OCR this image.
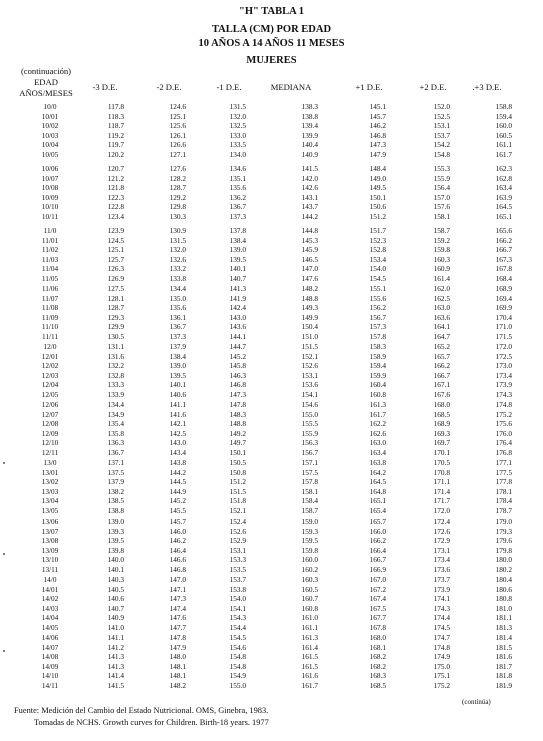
"H" TABLA 1
TALLA (CM) POR EDAD
10 AÑOS A 14 AÑOS 11 MESES
MUJERES
(continuación)
EDAD
AÑOS/MESES
-3 D.E.	-2 D.E.	-1 D.E.	MEDIANA	+1 D.E.	+2 D.E.	.+3 D.E.
10/0	117.8	124.6	131.5	138.3	145.1	152.0	158.8
10/01	118.3	125.1	132.0	138.8	145.7	152.5	159.4
10/02	118.7	125.6	132.5	139.4	146.2	153.1	160.0
10/03	119.2	126.1	133.0	139.9	146.8	153.7	160.5
10/04	119.7	126.6	133.5	140.4	147.3	154.2	161.1
10/05	120.2	127.1	134.0	140.9	147.9	154.8	161.7
10/06	120.7	127.6	134.6	141.5	148.4	155.3	162.3
10/07	121.2	128.2	135.1	142.0	149.0	155.9	162.8
10/08	121.8	128.7	135.6	142.6	149.5	156.4	163.4
10/09	122.3	129.2	136.2	143.1	150.1	157.0	163.9
10/10	122.8	129.8	136.7	143.7	150.6	157.6	164.5
10/11	123.4	130.3	137.3	144.2	151.2	158.1	165.1
11/0	123.9	130.9	137.8	144.8	151.7	158.7	165.6
11/01	124.5	131.5	138.4	145.3	152.3	159.2	166.2
11/02	125.1	132.0	139.0	145.9	152.8	159.8	166.7
11/03	125.7	132.6	139.5	146.5	153.4	160.3	167.3
11/04	126.3	133.2	140.1	147.0	154.0	160.9	167.8
11/05	126.9	133.8	140.7	147.6	154.5	161.4	168.4
11/06	127.5	134.4	141.3	148.2	155.1	162.0	168.9
11/07	128.1	135.0	141.9	148.8	155.6	162.5	169.4
11/08	128.7	135.6	142.4	149.3	156.2	163.0	169.9
11/09	129.3	136.1	143.0	149.9	156.7	163.6	170.4
11/10	129.9	136.7	143.6	150.4	157.3	164.1	171.0
11/11	130.5	137.3	144.1	151.0	157.8	164.7	171.5
12/0	131.1	137.9	144.7	151.5	158.3	165.2	172.0
12/01	131.6	138.4	145.2	152.1	158.9	165.7	172.5
12/02	132.2	139.0	145.8	152.6	159.4	166.2	173.0
12/03	132.8	139.5	146.3	153.1	159.9	166.7	173.4
12/04	133.3	140.1	146.8	153.6	160.4	167.1	173.9
12/05	133.9	140.6	147.3	154.1	160.8	167.6	174.3
12/06	134.4	141.1	147.8	154.6	161.3	168.0	174.8
12/07	134.9	141.6	148.3	155.0	161.7	168.5	175.2
12/08	135.4	142.1	148.8	155.5	162.2	168.9	175.6
12/09	135.8	142.5	149.2	155.9	162.6	169.3	176.0
12/10	136.3	143.0	149.7	156.3	163.0	169.7	176.4
12/11	136.7	143.4	150.1	156.7	163.4	170.1	176.8
13/0	137.1	143.8	150.5	157.1	163.8	170.5	177.1
13/01	137.5	144.2	150.8	157.5	164.2	170.8	177.5
13/02	137.9	144.5	151.2	157.8	164.5	171.1	177.8
13/03	138.2	144.9	151.5	158.1	164.8	171.4	178.1
13/04	138.5	145.2	151.8	158.4	165.1	171.7	178.4
13/05	138.8	145.5	152.1	158.7	165.4	172.0	178.7
13/06	139.0	145.7	152.4	159.0	165.7	172.4	179.0
13/07	139.3	146.0	152.6	159.3	166.0	172.6	179.3
13/08	139.5	146.2	152.9	159.5	166.2	172.9	179.6
13/09	139.8	146.4	153.1	159.8	166.4	173.1	179.8
13/10	140.0	146.6	153.3	160.0	166.7	173.4	180.0
13/11	140.1	146.8	153.5	160.2	166.9	173.6	180.2
14/0	140.3	147.0	153.7	160.3	167.0	173.7	180.4
14/01	140.5	147.1	153.8	160.5	167.2	173.9	180.6
14/02	140.6	147.3	154.0	160.7	167.4	174.1	180.8
14/03	140.7	147.4	154.1	160.8	167.5	174.3	181.0
14/04	140.9	147.6	154.3	161.0	167.7	174.4	181.1
14/05	141.0	147.7	154.4	161.1	167.8	174.5	181.3
14/06	141.1	147.8	154.5	161.3	168.0	174.7	181.4
14/07	141.2	147.9	154.6	161.4	168.1	174.8	181.5
14/08	141.3	148.0	154.8	161.5	168.2	174.9	181.6
14/09	141.3	148.1	154.8	161.5	168.2	175.0	181.7
14/10	141.4	148.1	154.9	161.6	168.3	175.1	181.8
14/11	141.5	148.2	155.0	161.7	168.5	175.2	181.9
(contínúa)
Fuente: Medición del Cambio del Estado Nutricional. OMS, Ginebra, 1983.
Tomadas de NCHS. Growth curves for Children. Birth-18 years. 1977
